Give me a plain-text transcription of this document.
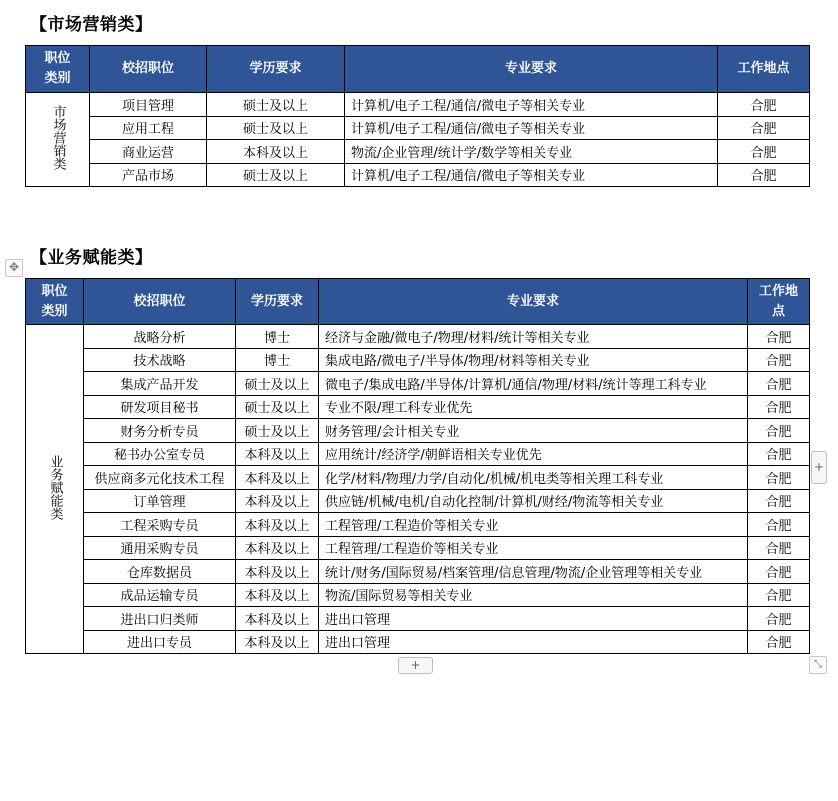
【市场营销类】
职位类别	校招职位	学历要求	专业要求	工作地点
市场营销类	项目管理	硕士及以上	计算机/电子工程/通信/微电子等相关专业	合肥
	应用工程	硕士及以上	计算机/电子工程/通信/微电子等相关专业	合肥
	商业运营	本科及以上	物流/企业管理/统计学/数学等相关专业	合肥
	产品市场	硕士及以上	计算机/电子工程/通信/微电子等相关专业	合肥
【业务赋能类】
✥
职位类别	校招职位	学历要求	专业要求	工作地点
业务赋能类	战略分析	博士	经济与金融/微电子/物理/材料/统计等相关专业	合肥
	技术战略	博士	集成电路/微电子/半导体/物理/材料等相关专业	合肥
	集成产品开发	硕士及以上	微电子/集成电路/半导体/计算机/通信/物理/材料/统计等理工科专业	合肥
	研发项目秘书	硕士及以上	专业不限/理工科专业优先	合肥
	财务分析专员	硕士及以上	财务管理/会计相关专业	合肥
	秘书办公室专员	本科及以上	应用统计/经济学/朝鲜语相关专业优先	合肥
	供应商多元化技术工程	本科及以上	化学/材料/物理/力学/自动化/机械/机电类等相关理工科专业	合肥
	订单管理	本科及以上	供应链/机械/电机/自动化控制/计算机/财经/物流等相关专业	合肥
	工程采购专员	本科及以上	工程管理/工程造价等相关专业	合肥
	通用采购专员	本科及以上	工程管理/工程造价等相关专业	合肥
	仓库数据员	本科及以上	统计/财务/国际贸易/档案管理/信息管理/物流/企业管理等相关专业	合肥
	成品运输专员	本科及以上	物流/国际贸易等相关专业	合肥
	进出口归类师	本科及以上	进出口管理	合肥
	进出口专员	本科及以上	进出口管理	合肥
+
+	⤡
